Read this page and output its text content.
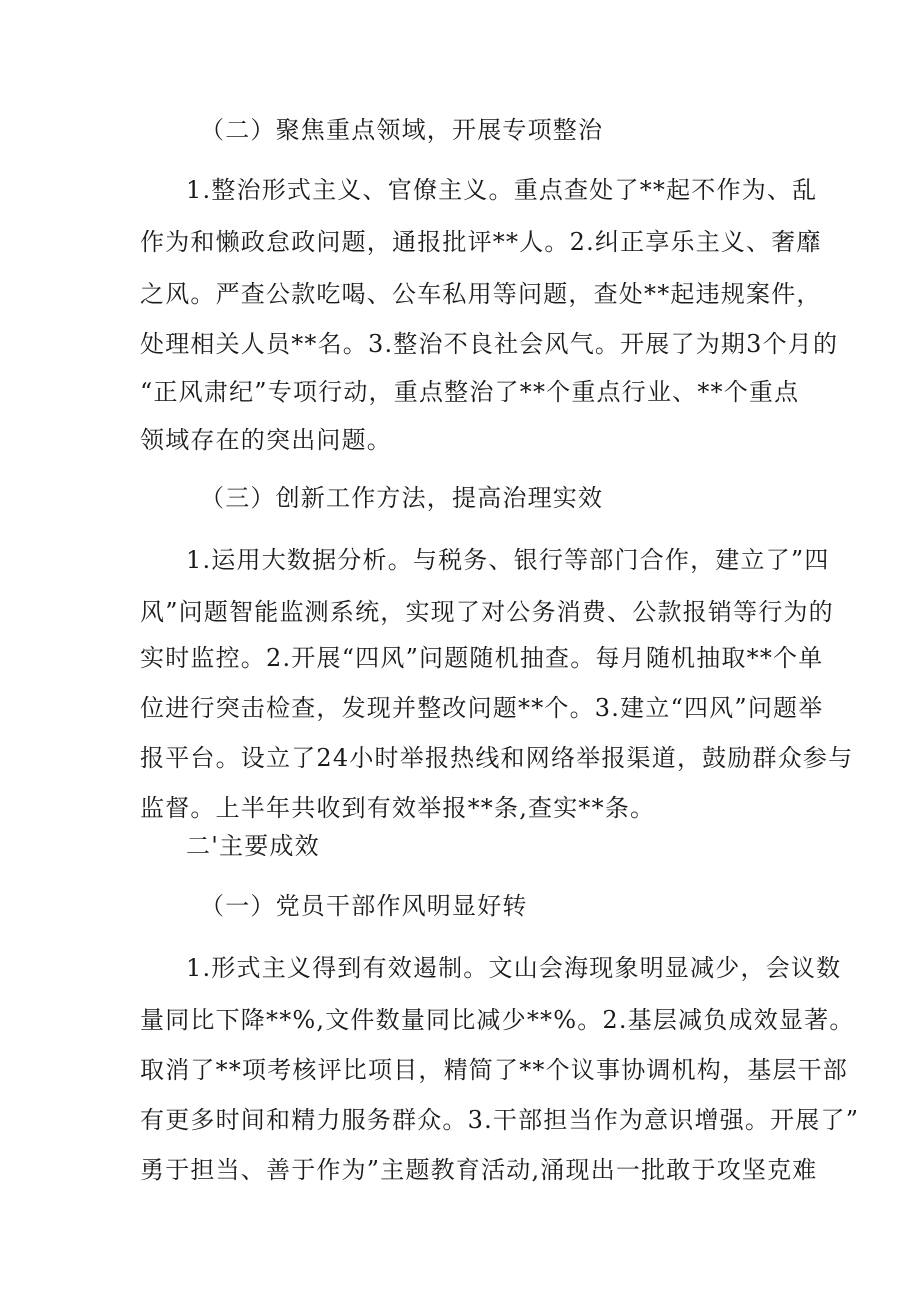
（二）聚焦重点领域，开展专项整治
1.整治形式主义、官僚主义。重点查处了**起不作为、乱
作为和懒政怠政问题，通报批评**人。2.纠正享乐主义、奢靡
之风。严查公款吃喝、公车私用等问题，查处**起违规案件，
处理相关人员**名。3.整治不良社会风气。开展了为期3个月的
“正风肃纪”专项行动，重点整治了**个重点行业、**个重点
领域存在的突出问题。
（三）创新工作方法，提高治理实效
1.运用大数据分析。与税务、银行等部门合作，建立了”四
风”问题智能监测系统，实现了对公务消费、公款报销等行为的
实时监控。2.开展“四风”问题随机抽查。每月随机抽取**个单
位进行突击检查，发现并整改问题**个。3.建立“四风”问题举
报平台。设立了24小时举报热线和网络举报渠道，鼓励群众参与
监督。上半年共收到有效举报**条,查实**条。
二'主要成效
（一）党员干部作风明显好转
1.形式主义得到有效遏制。文山会海现象明显减少，会议数
量同比下降**%,文件数量同比减少**%。2.基层减负成效显著。
取消了**项考核评比项目，精简了**个议事协调机构，基层干部
有更多时间和精力服务群众。3.干部担当作为意识增强。开展了”
勇于担当、善于作为”主题教育活动,涌现出一批敢于攻坚克难
